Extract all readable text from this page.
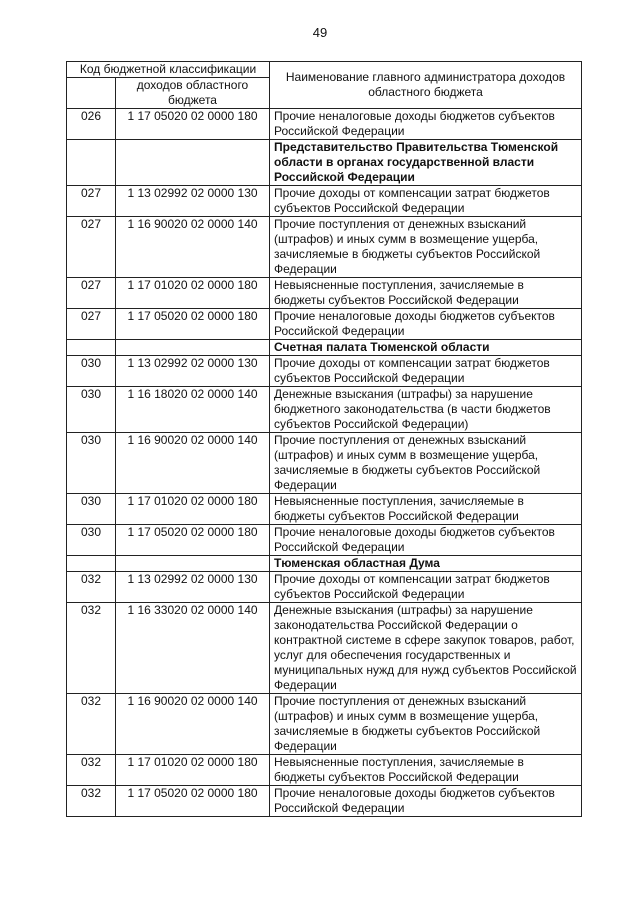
49
Код бюджетной классификации		Наименование главного администратора доходов областного бюджета
	доходов областного бюджета	
026	1 17 05020 02 0000 180	Прочие неналоговые доходы бюджетов субъектов Российской Федерации
		Представительство Правительства Тюменской области в органах государственной власти Российской Федерации
027	1 13 02992 02 0000 130	Прочие доходы от компенсации затрат бюджетов субъектов Российской Федерации
027	1 16 90020 02 0000 140	Прочие поступления от денежных взысканий (штрафов) и иных сумм в возмещение ущерба, зачисляемые в бюджеты субъектов Российской Федерации
027	1 17 01020 02 0000 180	Невыясненные поступления, зачисляемые в бюджеты субъектов Российской Федерации
027	1 17 05020 02 0000 180	Прочие неналоговые доходы бюджетов субъектов Российской Федерации
		Счетная палата Тюменской области
030	1 13 02992 02 0000 130	Прочие доходы от компенсации затрат бюджетов субъектов Российской Федерации
030	1 16 18020 02 0000 140	Денежные взыскания (штрафы) за нарушение бюджетного законодательства (в части бюджетов субъектов Российской Федерации)
030	1 16 90020 02 0000 140	Прочие поступления от денежных взысканий (штрафов) и иных сумм в возмещение ущерба, зачисляемые в бюджеты субъектов Российской Федерации
030	1 17 01020 02 0000 180	Невыясненные поступления, зачисляемые в бюджеты субъектов Российской Федерации
030	1 17 05020 02 0000 180	Прочие неналоговые доходы бюджетов субъектов Российской Федерации
		Тюменская областная Дума
032	1 13 02992 02 0000 130	Прочие доходы от компенсации затрат бюджетов субъектов Российской Федерации
032	1 16 33020 02 0000 140	Денежные взыскания (штрафы) за нарушение законодательства Российской Федерации о контрактной системе в сфере закупок товаров, работ, услуг для обеспечения государственных и муниципальных нужд для нужд субъектов Российской Федерации
032	1 16 90020 02 0000 140	Прочие поступления от денежных взысканий (штрафов) и иных сумм в возмещение ущерба, зачисляемые в бюджеты субъектов Российской Федерации
032	1 17 01020 02 0000 180	Невыясненные поступления, зачисляемые в бюджеты субъектов Российской Федерации
032	1 17 05020 02 0000 180	Прочие неналоговые доходы бюджетов субъектов Российской Федерации
